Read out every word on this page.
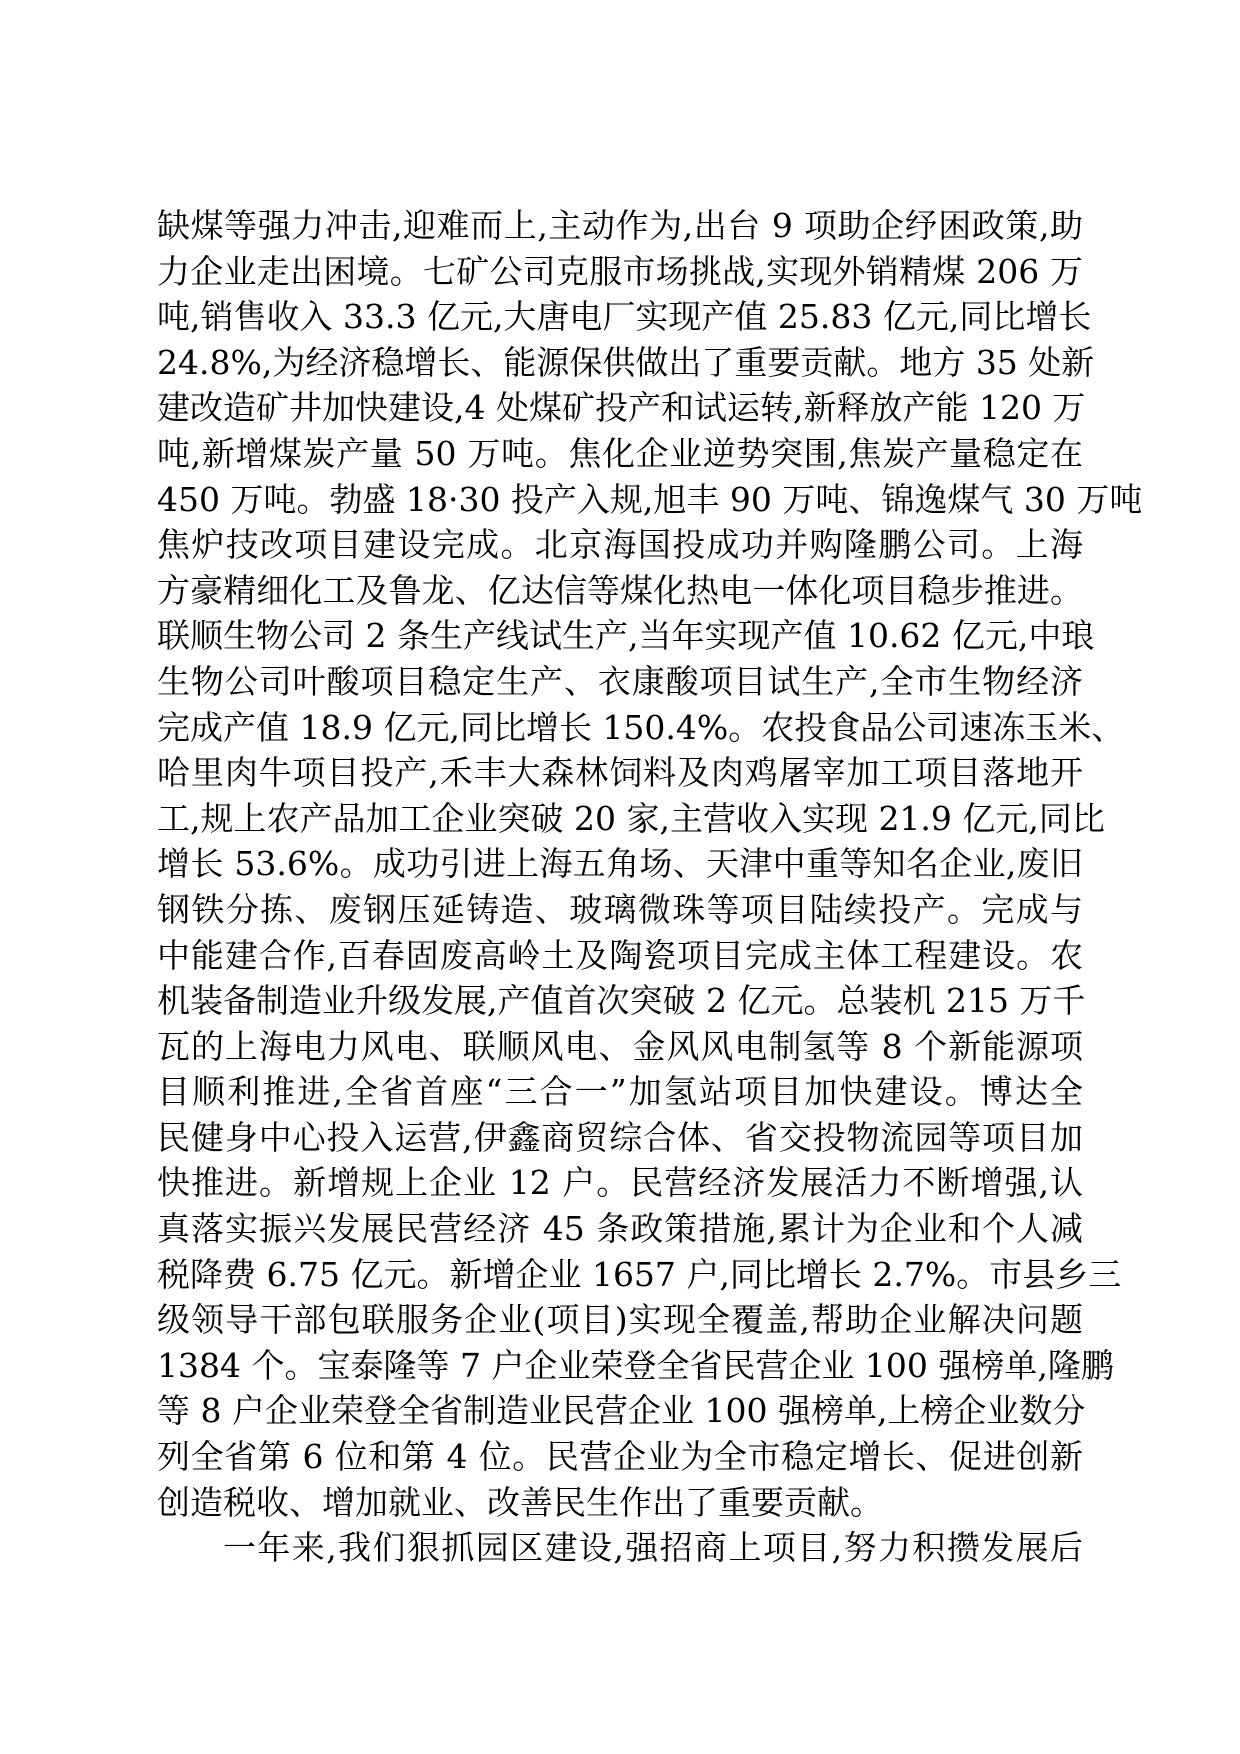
缺煤等强力冲击,迎难而上,主动作为,出台 9 项助企纾困政策,助
力企业走出困境。七矿公司克服市场挑战,实现外销精煤 206 万
吨,销售收入 33.3 亿元,大唐电厂实现产值 25.83 亿元,同比增长
24.8%,为经济稳增长、能源保供做出了重要贡献。地方 35 处新
建改造矿井加快建设,4 处煤矿投产和试运转,新释放产能 120 万
吨,新增煤炭产量 50 万吨。焦化企业逆势突围,焦炭产量稳定在
450 万吨。勃盛 18·30 投产入规,旭丰 90 万吨、锦逸煤气 30 万吨
焦炉技改项目建设完成。北京海国投成功并购隆鹏公司。上海
方豪精细化工及鲁龙、亿达信等煤化热电一体化项目稳步推进。
联顺生物公司 2 条生产线试生产,当年实现产值 10.62 亿元,中琅
生物公司叶酸项目稳定生产、衣康酸项目试生产,全市生物经济
完成产值 18.9 亿元,同比增长 150.4%。农投食品公司速冻玉米、
哈里肉牛项目投产,禾丰大森林饲料及肉鸡屠宰加工项目落地开
工,规上农产品加工企业突破 20 家,主营收入实现 21.9 亿元,同比
增长 53.6%。成功引进上海五角场、天津中重等知名企业,废旧
钢铁分拣、废钢压延铸造、玻璃微珠等项目陆续投产。完成与
中能建合作,百春固废高岭土及陶瓷项目完成主体工程建设。农
机装备制造业升级发展,产值首次突破 2 亿元。总装机 215 万千
瓦的上海电力风电、联顺风电、金风风电制氢等 8 个新能源项
目顺利推进,全省首座“三合一”加氢站项目加快建设。博达全
民健身中心投入运营,伊鑫商贸综合体、省交投物流园等项目加
快推进。新增规上企业 12 户。民营经济发展活力不断增强,认
真落实振兴发展民营经济 45 条政策措施,累计为企业和个人减
税降费 6.75 亿元。新增企业 1657 户,同比增长 2.7%。市县乡三
级领导干部包联服务企业(项目)实现全覆盖,帮助企业解决问题
1384 个。宝泰隆等 7 户企业荣登全省民营企业 100 强榜单,隆鹏
等 8 户企业荣登全省制造业民营企业 100 强榜单,上榜企业数分
列全省第 6 位和第 4 位。民营企业为全市稳定增长、促进创新
创造税收、增加就业、改善民生作出了重要贡献。
一年来,我们狠抓园区建设,强招商上项目,努力积攒发展后
